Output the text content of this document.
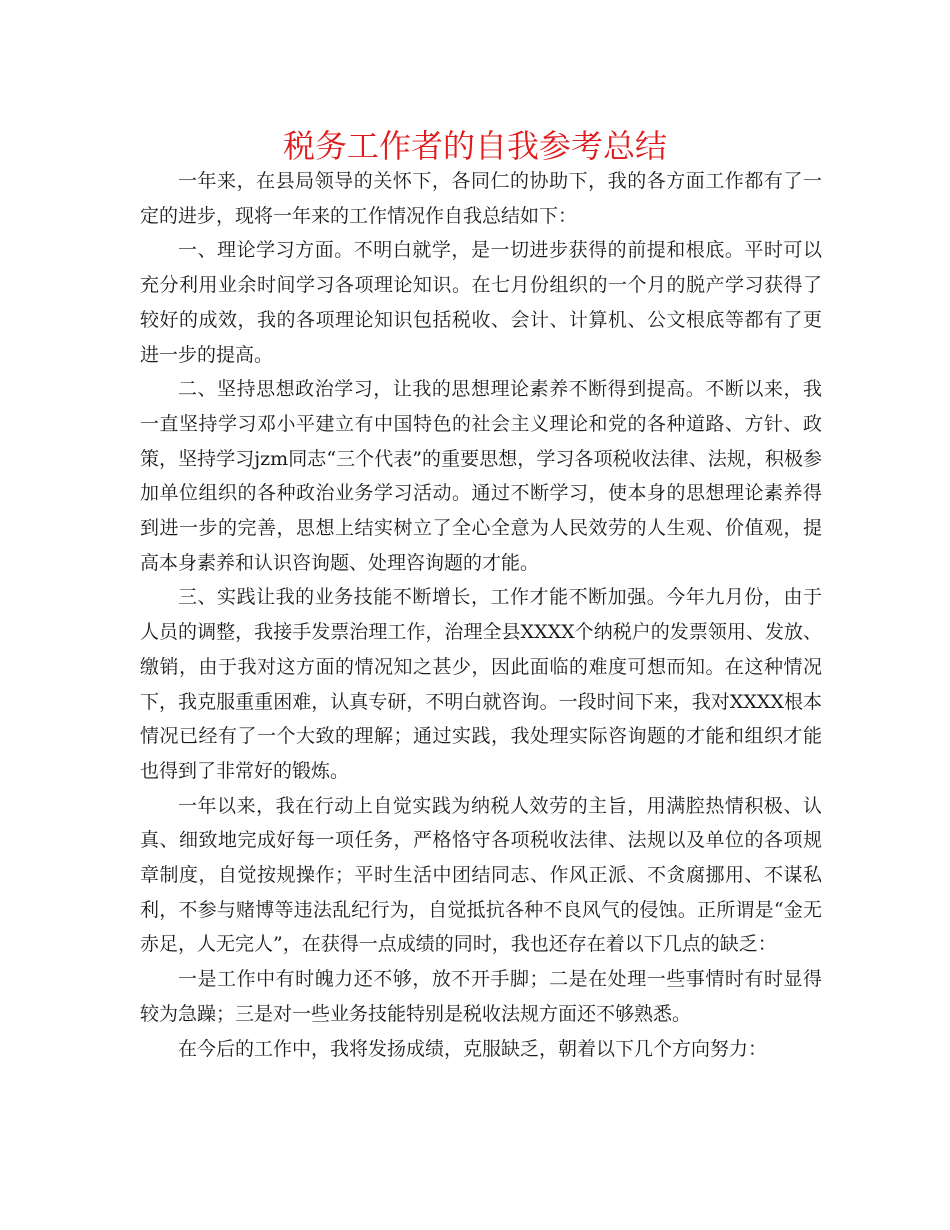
税务工作者的自我参考总结

一年来，在县局领导的关怀下，各同仁的协助下，我的各方面工作都有了一定的进步，现将一年来的工作情况作自我总结如下：

一、理论学习方面。不明白就学，是一切进步获得的前提和根底。平时可以充分利用业余时间学习各项理论知识。在七月份组织的一个月的脱产学习获得了较好的成效，我的各项理论知识包括税收、会计、计算机、公文根底等都有了更进一步的提高。

二、坚持思想政治学习，让我的思想理论素养不断得到提高。不断以来，我一直坚持学习邓小平建立有中国特色的社会主义理论和党的各种道路、方针、政策，坚持学习jzm同志“三个代表”的重要思想，学习各项税收法律、法规，积极参加单位组织的各种政治业务学习活动。通过不断学习，使本身的思想理论素养得到进一步的完善，思想上结实树立了全心全意为人民效劳的人生观、价值观，提高本身素养和认识咨询题、处理咨询题的才能。

三、实践让我的业务技能不断增长，工作才能不断加强。今年九月份，由于人员的调整，我接手发票治理工作，治理全县XXXX个纳税户的发票领用、发放、缴销，由于我对这方面的情况知之甚少，因此面临的难度可想而知。在这种情况下，我克服重重困难，认真专研，不明白就咨询。一段时间下来，我对XXXX根本情况已经有了一个大致的理解；通过实践，我处理实际咨询题的才能和组织才能也得到了非常好的锻炼。

一年以来，我在行动上自觉实践为纳税人效劳的主旨，用满腔热情积极、认真、细致地完成好每一项任务，严格恪守各项税收法律、法规以及单位的各项规章制度，自觉按规操作；平时生活中团结同志、作风正派、不贪腐挪用、不谋私利，不参与赌博等违法乱纪行为，自觉抵抗各种不良风气的侵蚀。正所谓是“金无赤足，人无完人”，在获得一点成绩的同时，我也还存在着以下几点的缺乏：

一是工作中有时魄力还不够，放不开手脚；二是在处理一些事情时有时显得较为急躁；三是对一些业务技能特别是税收法规方面还不够熟悉。

在今后的工作中，我将发扬成绩，克服缺乏，朝着以下几个方向努力：
